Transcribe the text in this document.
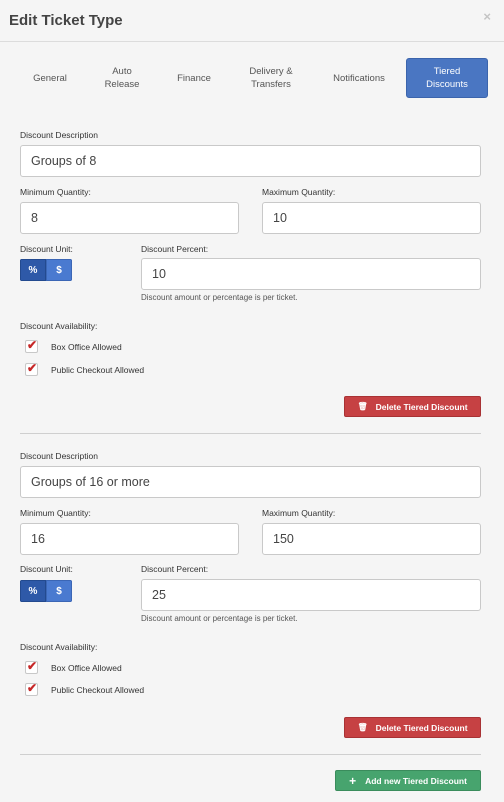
Edit Ticket Type	×
General
Auto
Release
Finance
Delivery &
Transfers
Notifications
Tiered
Discounts
Discount Description
Groups of 8
Minimum Quantity:
8
Maximum Quantity:
10
Discount Unit:
%	$
Discount Percent:
10
Discount amount or percentage is per ticket.
Discount Availability:
✔ Box Office Allowed
✔ Public Checkout Allowed
🗑 Delete Tiered Discount
Discount Description
Groups of 16 or more
Minimum Quantity:
16
Maximum Quantity:
150
Discount Unit:
%	$
Discount Percent:
25
Discount amount or percentage is per ticket.
Discount Availability:
✔ Box Office Allowed
✔ Public Checkout Allowed
🗑 Delete Tiered Discount
+ Add new Tiered Discount
